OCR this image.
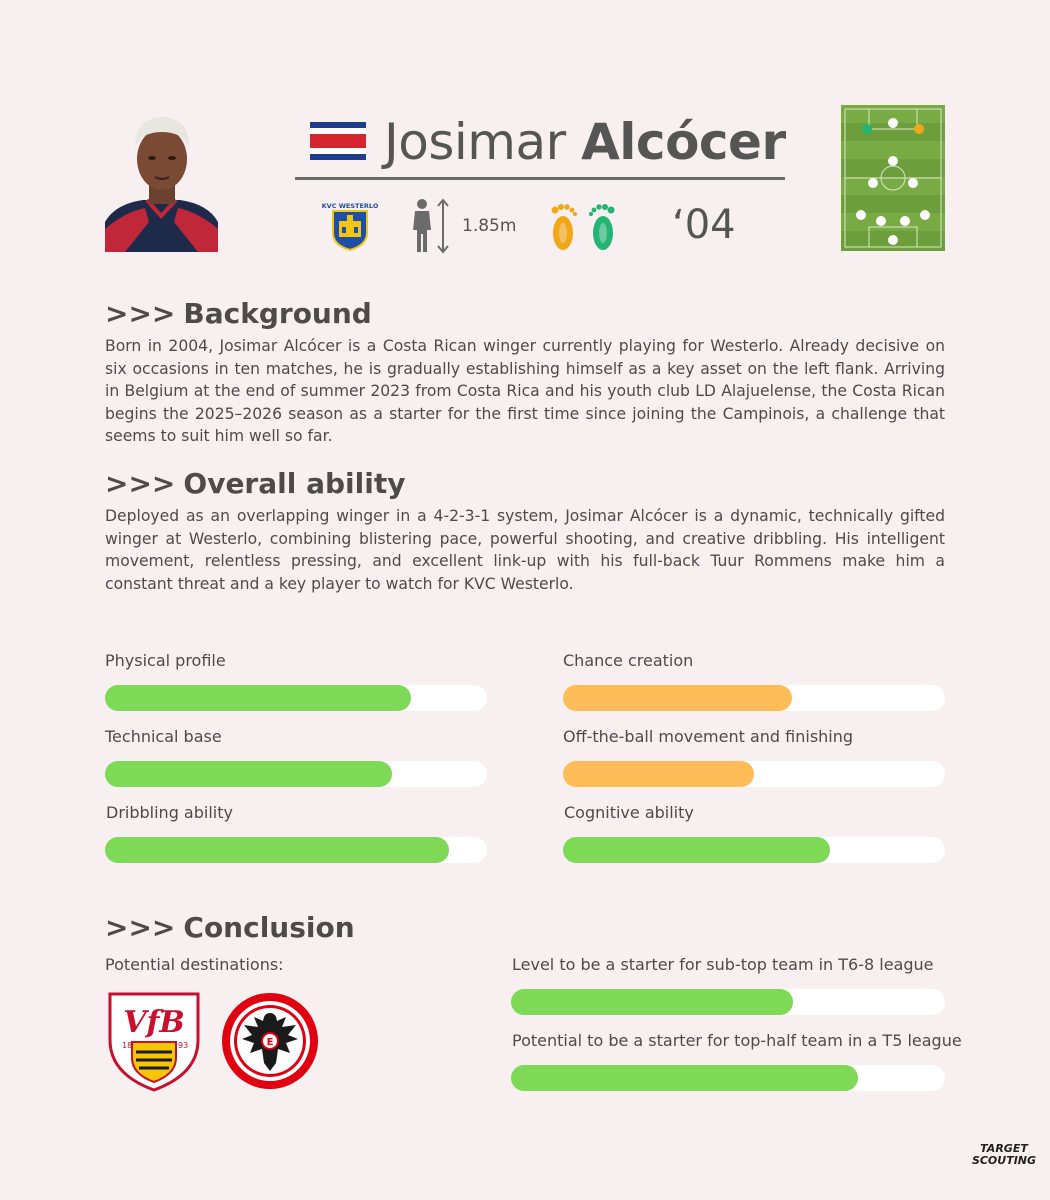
Josimar Alcócer
KVC WESTERLO
1.85m	‘04
>>> Background
Born in 2004, Josimar Alcócer is a Costa Rican winger currently playing for Westerlo. Already decisive on six occasions in ten matches, he is gradually establishing himself as a key asset on the left flank. Arriving in Belgium at the end of summer 2023 from Costa Rica and his youth club LD Alajuelense, the Costa Rican begins the 2025–2026 season as a starter for the first time since joining the Campinois, a challenge that seems to suit him well so far.
>>> Overall ability
Deployed as an overlapping winger in a 4-2-3-1 system, Josimar Alcócer is a dynamic, technically gifted winger at Westerlo, combining blistering pace, powerful shooting, and creative dribbling. His intelligent movement, relentless pressing, and excellent link-up with his full-back Tuur Rommens make him a constant threat and a key player to watch for KVC Westerlo.
Physical profile	Chance creation
Technical base	Off-the-ball movement and finishing
Dribbling ability	Cognitive ability
>>> Conclusion
Potential destinations:
VfB
18	93	E
Level to be a starter for sub-top team in T6-8 league
Potential to be a starter for top-half team in a T5 league
TARGET
SCOUTING
